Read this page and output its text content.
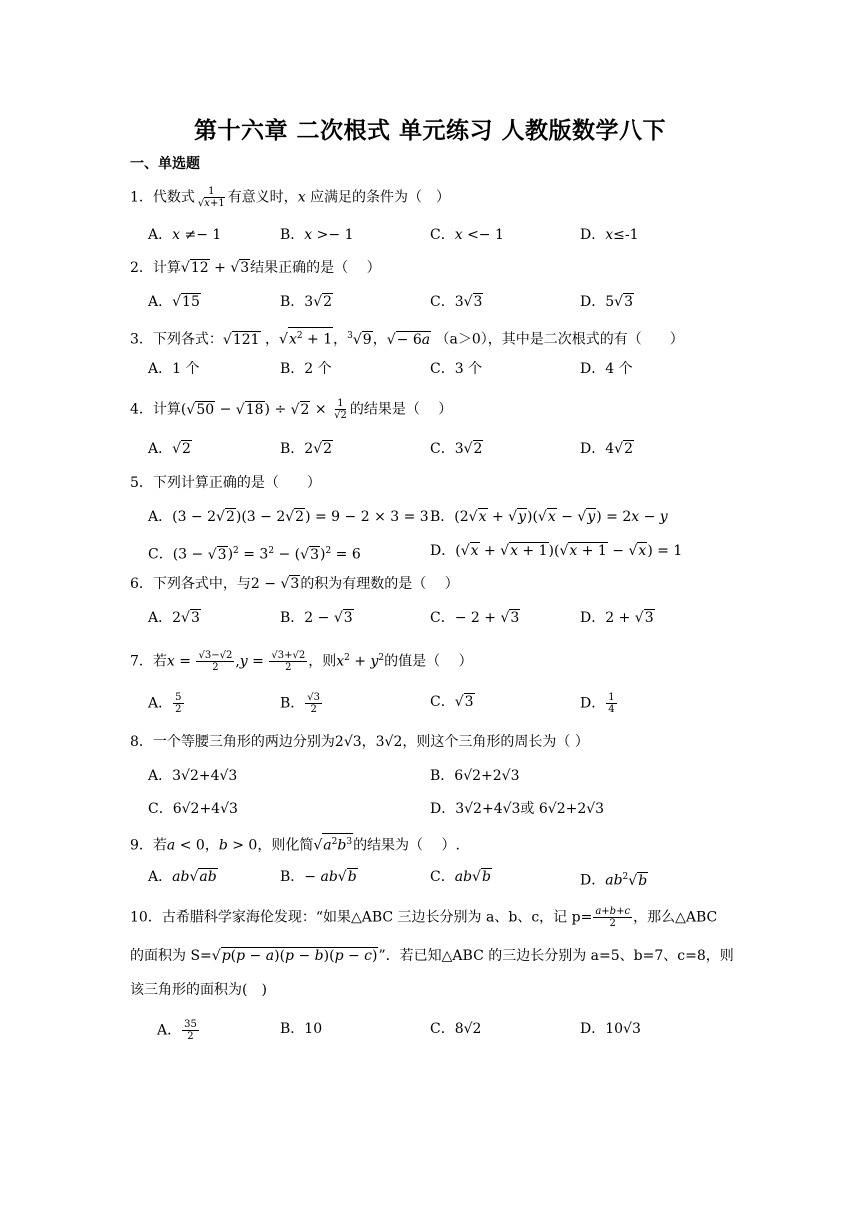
第十六章 二次根式 单元练习 人教版数学八下
一、单选题
1．代数式 $\frac{1}{√x+1}$ 有意义时，x 应满足的条件为（　）
A．x ≠− 1	B．x >− 1	C．x <− 1	D．x≤-1
2．计算√12 + √3结果正确的是（　 ）
A．√15	B．3√2	C．3√3	D．5√3
3．下列各式：√121 ，$√x^2 + 1$，$^3$√9，√− 6a （a＞0），其中是二次根式的有（　　）
A．1 个	B．2 个	C．3 个	D．4 个
4．计算$(√50 - √18) \div √2 \times \frac{1}{√2}$ 的结果是（　 ）
A．√2	B．2√2	C．3√2	D．4√2
5．下列计算正确的是（　　）
A．(3 − 2√2)(3 − 2√2) = 9 − 2 × 3 = 3 B．(2√x + √y)(√x − √y) = 2x − y
C．$(3 - √3)^2 = 3^2 - (√3)^2 = 6$	D．(√x + √x + 1)(√x + 1 − √x) = 1
6．下列各式中，与2 − √3的积为有理数的是（　 ）
A．2√3	B．2 − √3	C．− 2 + √3	D．2 + √3
7．若$x = \frac{√3-√2}{2} ,y = \frac{√3+√2}{2}$ ，则$x^2 + y^2$的值是（　 ）
A． $\frac{5}{2}$	B． $\frac{√3}{2}$	C．√3	D． $\frac{1}{4}$
8．一个等腰三角形的两边分别为2√3，3√2，则这个三角形的周长为（ ）
A．3√2+4√3	B．6√2+2√3
C．6√2+4√3	D．3√2+4√3或 6√2+2√3
9．若a < 0，b > 0，则化简$√a^2b^3$的结果为（　 ）.
A．ab√ab	B．− ab√b	C．ab√b	D．$ab^2√b$
10．古希腊科学家海伦发现：“如果△ABC 三边长分别为 a、b、c，记 $p= \frac{a+b+c}{2}$ ，那么△ABC
的面积为 S=√p(p − a)(p − b)(p − c)”．若已知△ABC 的三边长分别为 a=5、b=7、c=8，则
该三角形的面积为(　)
A． $\frac{35}{2}$	B．10	C．8√2	D．10√3
